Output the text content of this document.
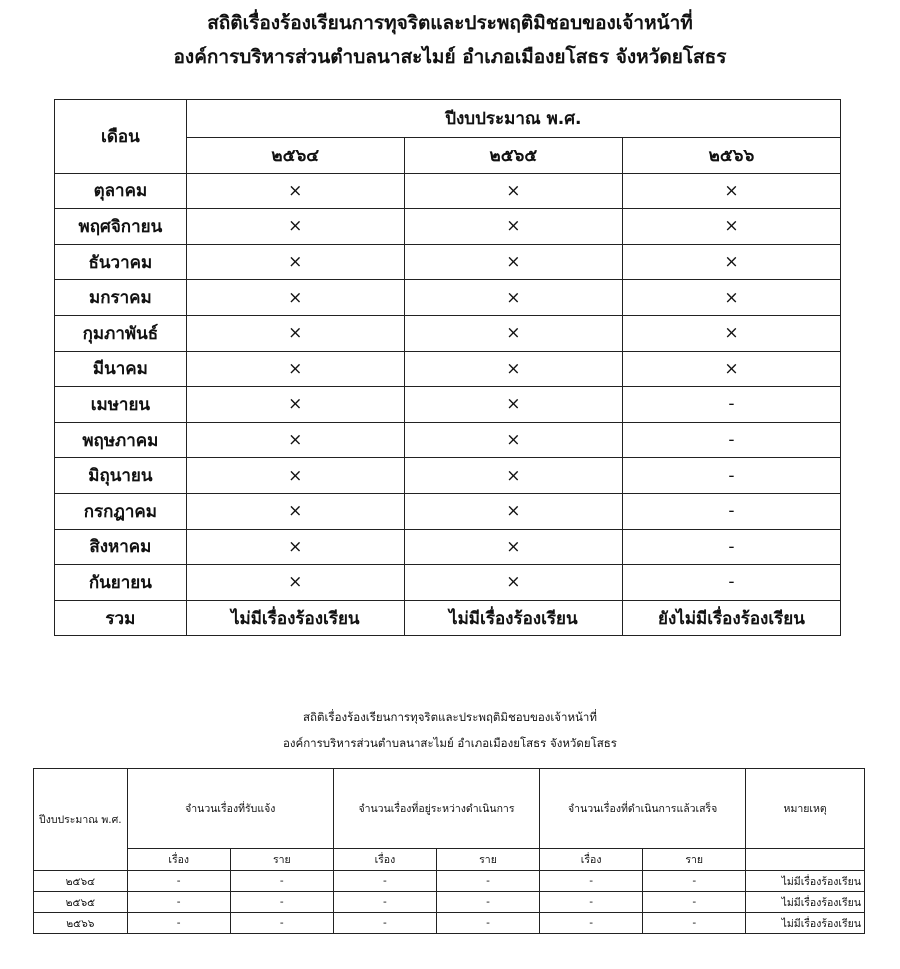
สถิติเรื่องร้องเรียนการทุจริตและประพฤติมิชอบของเจ้าหน้าที่
องค์การบริหารส่วนตำบลนาสะไมย์ อำเภอเมืองยโสธร จังหวัดยโสธร
เดือน	ปีงบประมาณ พ.ศ.		
	๒๕๖๔	๒๕๖๕	๒๕๖๖
ตุลาคม	×	×	×
พฤศจิกายน	×	×	×
ธันวาคม	×	×	×
มกราคม	×	×	×
กุมภาพันธ์	×	×	×
มีนาคม	×	×	×
เมษายน	×	×	-
พฤษภาคม	×	×	-
มิถุนายน	×	×	-
กรกฎาคม	×	×	-
สิงหาคม	×	×	-
กันยายน	×	×	-
รวม	ไม่มีเรื่องร้องเรียน	ไม่มีเรื่องร้องเรียน	ยังไม่มีเรื่องร้องเรียน
สถิติเรื่องร้องเรียนการทุจริตและประพฤติมิชอบของเจ้าหน้าที่
องค์การบริหารส่วนตำบลนาสะไมย์ อำเภอเมืองยโสธร จังหวัดยโสธร
ปีงบประมาณ พ.ศ.	จำนวนเรื่องที่รับแจ้ง		จำนวนเรื่องที่อยู่ระหว่างดำเนินการ		จำนวนเรื่องที่ดำเนินการแล้วเสร็จ		หมายเหตุ
	เรื่อง	ราย	เรื่อง	ราย	เรื่อง	ราย	
๒๕๖๔	-	-	-	-	-	-	ไม่มีเรื่องร้องเรียน
๒๕๖๕	-	-	-	-	-	-	ไม่มีเรื่องร้องเรียน
๒๕๖๖	-	-	-	-	-	-	ไม่มีเรื่องร้องเรียน
